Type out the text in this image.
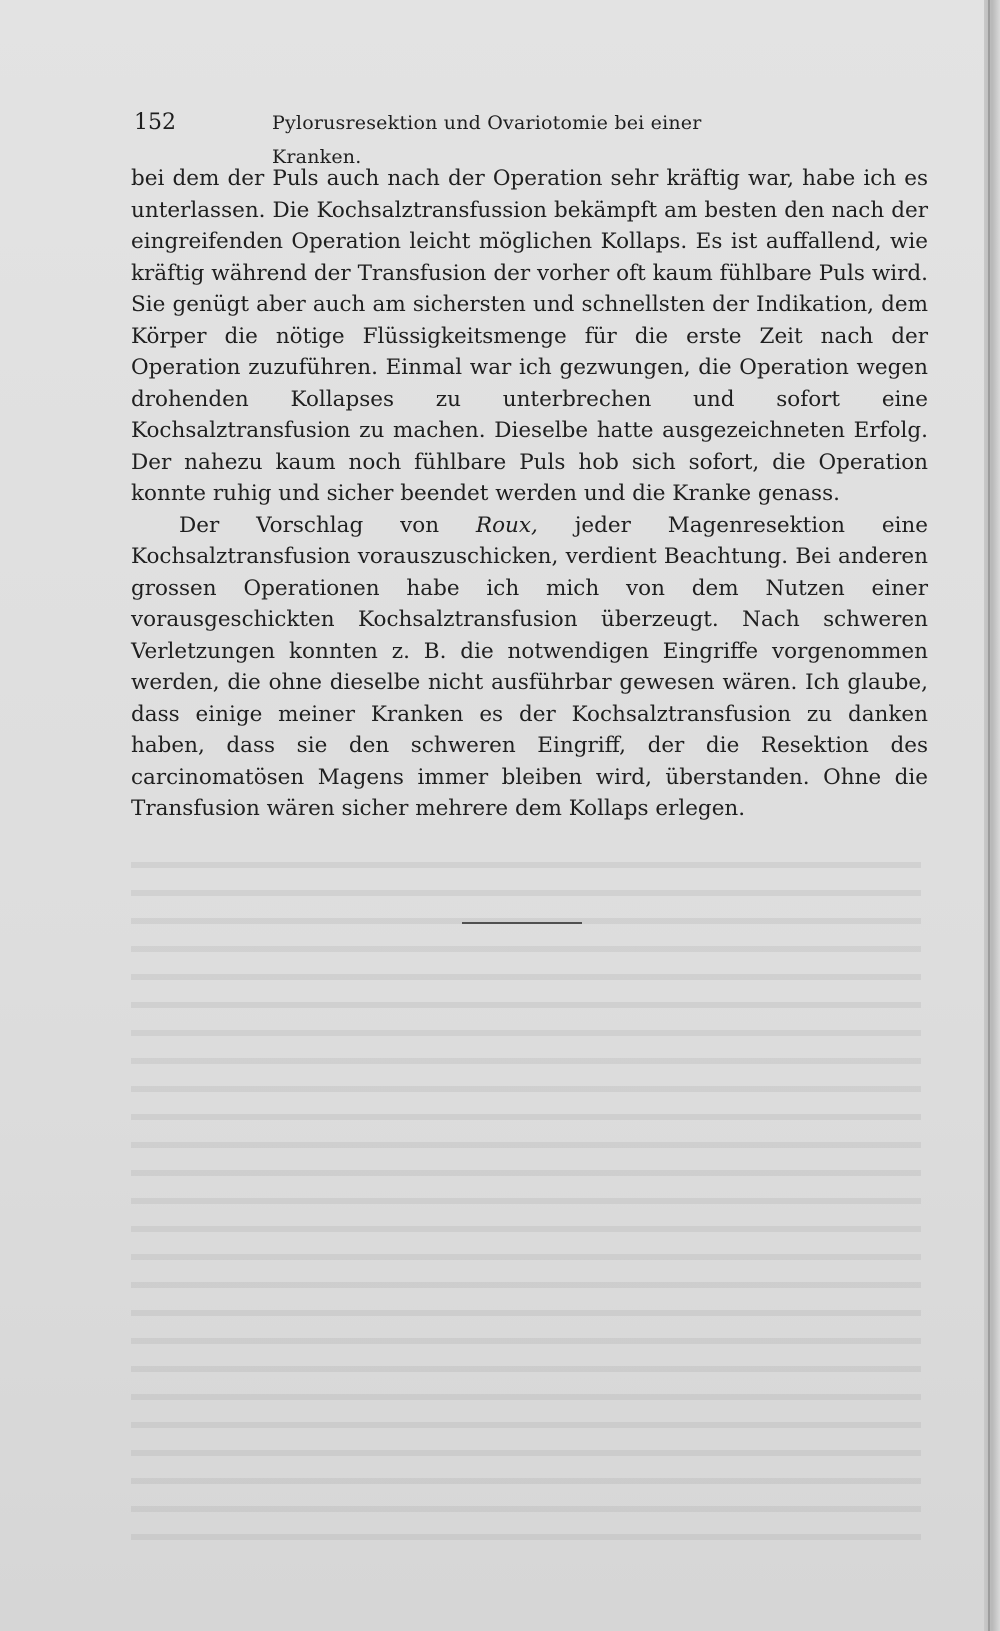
152	Pylorusresektion und Ovariotomie bei einer Kranken.

bei dem der Puls auch nach der Operation sehr kräftig war, habe ich es unterlassen. Die Kochsalztransfussion bekämpft am besten den nach der eingreifenden Operation leicht möglichen Kollaps. Es ist auffallend, wie kräftig während der Transfusion der vorher oft kaum fühlbare Puls wird. Sie genügt aber auch am sichersten und schnellsten der Indikation, dem Körper die nötige Flüssigkeitsmenge für die erste Zeit nach der Operation zuzuführen. Einmal war ich gezwungen, die Operation wegen drohenden Kollapses zu unterbrechen und sofort eine Kochsalztransfusion zu machen. Dieselbe hatte ausgezeichneten Erfolg. Der nahezu kaum noch fühlbare Puls hob sich sofort, die Operation konnte ruhig und sicher beendet werden und die Kranke genass.

Der Vorschlag von Roux, jeder Magenresektion eine Kochsalztransfusion vorauszuschicken, verdient Beachtung. Bei anderen grossen Operationen habe ich mich von dem Nutzen einer vorausgeschickten Kochsalztransfusion überzeugt. Nach schweren Verletzungen konnten z. B. die notwendigen Eingriffe vorgenommen werden, die ohne dieselbe nicht ausführbar gewesen wären. Ich glaube, dass einige meiner Kranken es der Kochsalztransfusion zu danken haben, dass sie den schweren Eingriff, der die Resektion des carcinomatösen Magens immer bleiben wird, überstanden. Ohne die Transfusion wären sicher mehrere dem Kollaps erlegen.
